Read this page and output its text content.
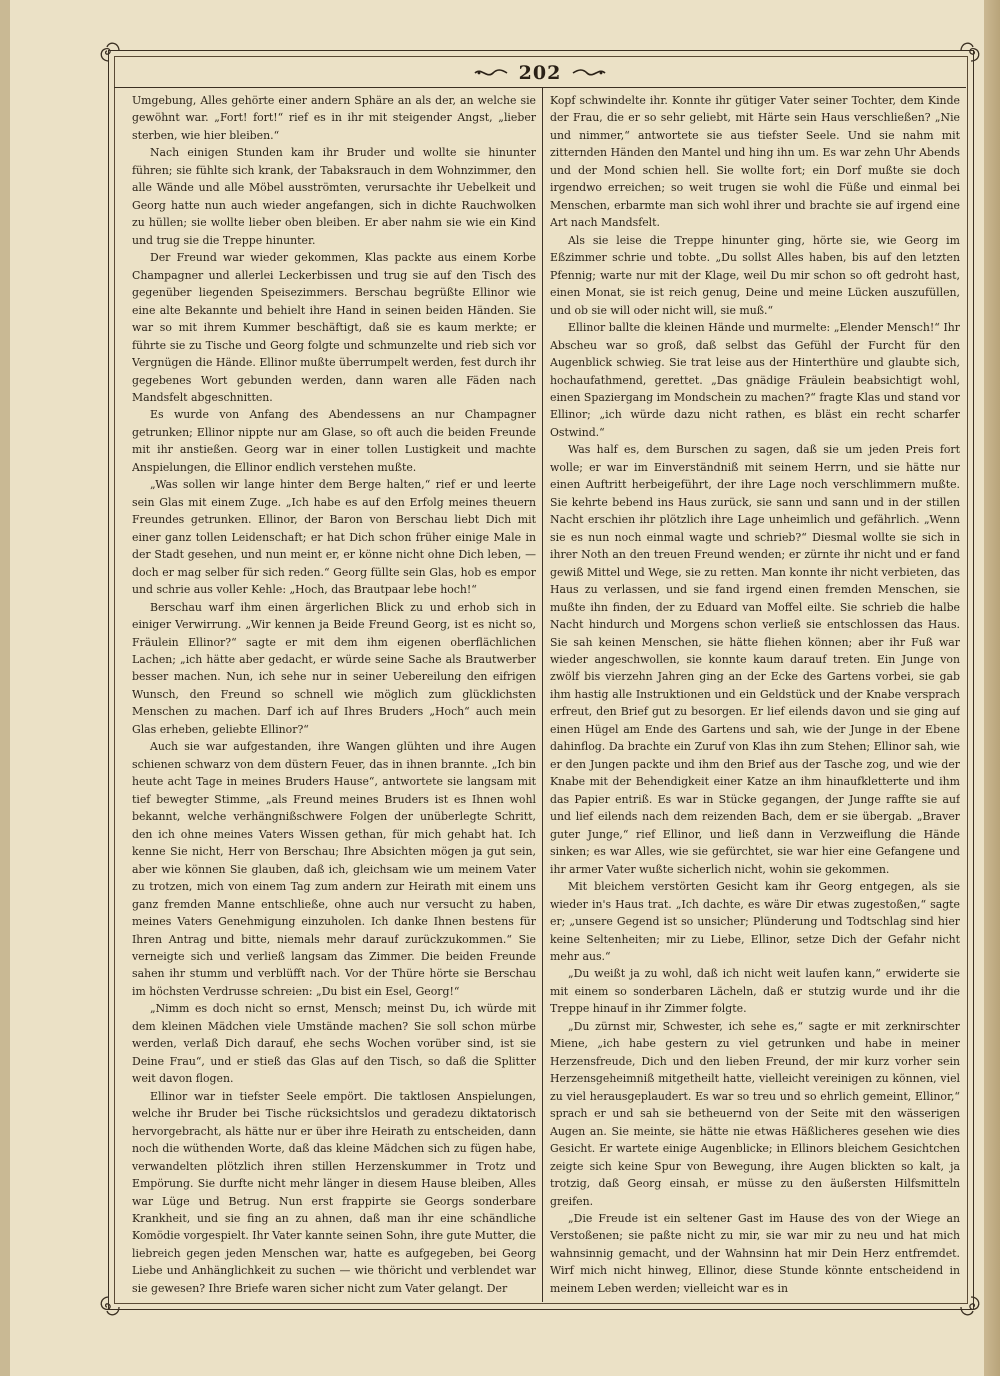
202

Umgebung, Alles gehörte einer andern Sphäre an als der, an welche sie gewöhnt war. „Fort! fort!“ rief es in ihr mit steigender Angst, „lieber sterben, wie hier bleiben.“

Nach einigen Stunden kam ihr Bruder und wollte sie hinunter führen; sie fühlte sich krank, der Tabaksrauch in dem Wohnzimmer, den alle Wände und alle Möbel ausströmten, verursachte ihr Uebelkeit und Georg hatte nun auch wieder angefangen, sich in dichte Rauchwolken zu hüllen; sie wollte lieber oben bleiben. Er aber nahm sie wie ein Kind und trug sie die Treppe hinunter.

Der Freund war wieder gekommen, Klas packte aus einem Korbe Champagner und allerlei Leckerbissen und trug sie auf den Tisch des gegenüber liegenden Speisezimmers. Berschau begrüßte Ellinor wie eine alte Bekannte und behielt ihre Hand in seinen beiden Händen. Sie war so mit ihrem Kummer beschäftigt, daß sie es kaum merkte; er führte sie zu Tische und Georg folgte und schmunzelte und rieb sich vor Vergnügen die Hände. Ellinor mußte überrumpelt werden, fest durch ihr gegebenes Wort gebunden werden, dann waren alle Fäden nach Mandsfelt abgeschnitten.

Es wurde von Anfang des Abendessens an nur Champagner getrunken; Ellinor nippte nur am Glase, so oft auch die beiden Freunde mit ihr anstießen. Georg war in einer tollen Lustigkeit und machte Anspielungen, die Ellinor endlich verstehen mußte.

„Was sollen wir lange hinter dem Berge halten,“ rief er und leerte sein Glas mit einem Zuge. „Ich habe es auf den Erfolg meines theuern Freundes getrunken. Ellinor, der Baron von Berschau liebt Dich mit einer ganz tollen Leidenschaft; er hat Dich schon früher einige Male in der Stadt gesehen, und nun meint er, er könne nicht ohne Dich leben, — doch er mag selber für sich reden.“ Georg füllte sein Glas, hob es empor und schrie aus voller Kehle: „Hoch, das Brautpaar lebe hoch!“

Berschau warf ihm einen ärgerlichen Blick zu und erhob sich in einiger Verwirrung. „Wir kennen ja Beide Freund Georg, ist es nicht so, Fräulein Ellinor?“ sagte er mit dem ihm eigenen oberflächlichen Lachen; „ich hätte aber gedacht, er würde seine Sache als Brautwerber besser machen. Nun, ich sehe nur in seiner Uebereilung den eifrigen Wunsch, den Freund so schnell wie möglich zum glücklichsten Menschen zu machen. Darf ich auf Ihres Bruders „Hoch“ auch mein Glas erheben, geliebte Ellinor?“

Auch sie war aufgestanden, ihre Wangen glühten und ihre Augen schienen schwarz von dem düstern Feuer, das in ihnen brannte. „Ich bin heute acht Tage in meines Bruders Hause“, antwortete sie langsam mit tief bewegter Stimme, „als Freund meines Bruders ist es Ihnen wohl bekannt, welche verhängnißschwere Folgen der unüberlegte Schritt, den ich ohne meines Vaters Wissen gethan, für mich gehabt hat. Ich kenne Sie nicht, Herr von Berschau; Ihre Absichten mögen ja gut sein, aber wie können Sie glauben, daß ich, gleichsam wie um meinem Vater zu trotzen, mich von einem Tag zum andern zur Heirath mit einem uns ganz fremden Manne entschließe, ohne auch nur versucht zu haben, meines Vaters Genehmigung einzuholen. Ich danke Ihnen bestens für Ihren Antrag und bitte, niemals mehr darauf zurückzukommen.“ Sie verneigte sich und verließ langsam das Zimmer. Die beiden Freunde sahen ihr stumm und verblüfft nach. Vor der Thüre hörte sie Berschau im höchsten Verdrusse schreien: „Du bist ein Esel, Georg!“

„Nimm es doch nicht so ernst, Mensch; meinst Du, ich würde mit dem kleinen Mädchen viele Umstände machen? Sie soll schon mürbe werden, verlaß Dich darauf, ehe sechs Wochen vorüber sind, ist sie Deine Frau“, und er stieß das Glas auf den Tisch, so daß die Splitter weit davon flogen.

Ellinor war in tiefster Seele empört. Die taktlosen Anspielungen, welche ihr Bruder bei Tische rücksichtslos und geradezu diktatorisch hervorgebracht, als hätte nur er über ihre Heirath zu entscheiden, dann noch die wüthenden Worte, daß das kleine Mädchen sich zu fügen habe, verwandelten plötzlich ihren stillen Herzenskummer in Trotz und Empörung. Sie durfte nicht mehr länger in diesem Hause bleiben, Alles war Lüge und Betrug. Nun erst frappirte sie Georgs sonderbare Krankheit, und sie fing an zu ahnen, daß man ihr eine schändliche Komödie vorgespielt. Ihr Vater kannte seinen Sohn, ihre gute Mutter, die liebreich gegen jeden Menschen war, hatte es aufgegeben, bei Georg Liebe und Anhänglichkeit zu suchen — wie thöricht und verblendet war sie gewesen? Ihre Briefe waren sicher nicht zum Vater gelangt. Der

Kopf schwindelte ihr. Konnte ihr gütiger Vater seiner Tochter, dem Kinde der Frau, die er so sehr geliebt, mit Härte sein Haus verschließen? „Nie und nimmer,“ antwortete sie aus tiefster Seele. Und sie nahm mit zitternden Händen den Mantel und hing ihn um. Es war zehn Uhr Abends und der Mond schien hell. Sie wollte fort; ein Dorf mußte sie doch irgendwo erreichen; so weit trugen sie wohl die Füße und einmal bei Menschen, erbarmte man sich wohl ihrer und brachte sie auf irgend eine Art nach Mandsfelt.

Als sie leise die Treppe hinunter ging, hörte sie, wie Georg im Eßzimmer schrie und tobte. „Du sollst Alles haben, bis auf den letzten Pfennig; warte nur mit der Klage, weil Du mir schon so oft gedroht hast, einen Monat, sie ist reich genug, Deine und meine Lücken auszufüllen, und ob sie will oder nicht will, sie muß.“

Ellinor ballte die kleinen Hände und murmelte: „Elender Mensch!“ Ihr Abscheu war so groß, daß selbst das Gefühl der Furcht für den Augenblick schwieg. Sie trat leise aus der Hinterthüre und glaubte sich, hochaufathmend, gerettet. „Das gnädige Fräulein beabsichtigt wohl, einen Spaziergang im Mondschein zu machen?“ fragte Klas und stand vor Ellinor; „ich würde dazu nicht rathen, es bläst ein recht scharfer Ostwind.“

Was half es, dem Burschen zu sagen, daß sie um jeden Preis fort wolle; er war im Einverständniß mit seinem Herrn, und sie hätte nur einen Auftritt herbeigeführt, der ihre Lage noch verschlimmern mußte. Sie kehrte bebend ins Haus zurück, sie sann und sann und in der stillen Nacht erschien ihr plötzlich ihre Lage unheimlich und gefährlich. „Wenn sie es nun noch einmal wagte und schrieb?“ Diesmal wollte sie sich in ihrer Noth an den treuen Freund wenden; er zürnte ihr nicht und er fand gewiß Mittel und Wege, sie zu retten. Man konnte ihr nicht verbieten, das Haus zu verlassen, und sie fand irgend einen fremden Menschen, sie mußte ihn finden, der zu Eduard van Moffel eilte. Sie schrieb die halbe Nacht hindurch und Morgens schon verließ sie entschlossen das Haus. Sie sah keinen Menschen, sie hätte fliehen können; aber ihr Fuß war wieder angeschwollen, sie konnte kaum darauf treten. Ein Junge von zwölf bis vierzehn Jahren ging an der Ecke des Gartens vorbei, sie gab ihm hastig alle Instruktionen und ein Geldstück und der Knabe versprach erfreut, den Brief gut zu besorgen. Er lief eilends davon und sie ging auf einen Hügel am Ende des Gartens und sah, wie der Junge in der Ebene dahinflog. Da brachte ein Zuruf von Klas ihn zum Stehen; Ellinor sah, wie er den Jungen packte und ihm den Brief aus der Tasche zog, und wie der Knabe mit der Behendigkeit einer Katze an ihm hinaufkletterte und ihm das Papier entriß. Es war in Stücke gegangen, der Junge raffte sie auf und lief eilends nach dem reizenden Bach, dem er sie übergab. „Braver guter Junge,“ rief Ellinor, und ließ dann in Verzweiflung die Hände sinken; es war Alles, wie sie gefürchtet, sie war hier eine Gefangene und ihr armer Vater wußte sicherlich nicht, wohin sie gekommen.

Mit bleichem verstörten Gesicht kam ihr Georg entgegen, als sie wieder in's Haus trat. „Ich dachte, es wäre Dir etwas zugestoßen,“ sagte er; „unsere Gegend ist so unsicher; Plünderung und Todtschlag sind hier keine Seltenheiten; mir zu Liebe, Ellinor, setze Dich der Gefahr nicht mehr aus.“

„Du weißt ja zu wohl, daß ich nicht weit laufen kann,“ erwiderte sie mit einem so sonderbaren Lächeln, daß er stutzig wurde und ihr die Treppe hinauf in ihr Zimmer folgte.

„Du zürnst mir, Schwester, ich sehe es,“ sagte er mit zerknirschter Miene, „ich habe gestern zu viel getrunken und habe in meiner Herzensfreude, Dich und den lieben Freund, der mir kurz vorher sein Herzensgeheimniß mitgetheilt hatte, vielleicht vereinigen zu können, viel zu viel herausgeplaudert. Es war so treu und so ehrlich gemeint, Ellinor,“ sprach er und sah sie betheuernd von der Seite mit den wässerigen Augen an. Sie meinte, sie hätte nie etwas Häßlicheres gesehen wie dies Gesicht. Er wartete einige Augenblicke; in Ellinors bleichem Gesichtchen zeigte sich keine Spur von Bewegung, ihre Augen blickten so kalt, ja trotzig, daß Georg einsah, er müsse zu den äußersten Hilfsmitteln greifen.

„Die Freude ist ein seltener Gast im Hause des von der Wiege an Verstoßenen; sie paßte nicht zu mir, sie war mir zu neu und hat mich wahnsinnig gemacht, und der Wahnsinn hat mir Dein Herz entfremdet. Wirf mich nicht hinweg, Ellinor, diese Stunde könnte entscheidend in meinem Leben werden; vielleicht war es in
